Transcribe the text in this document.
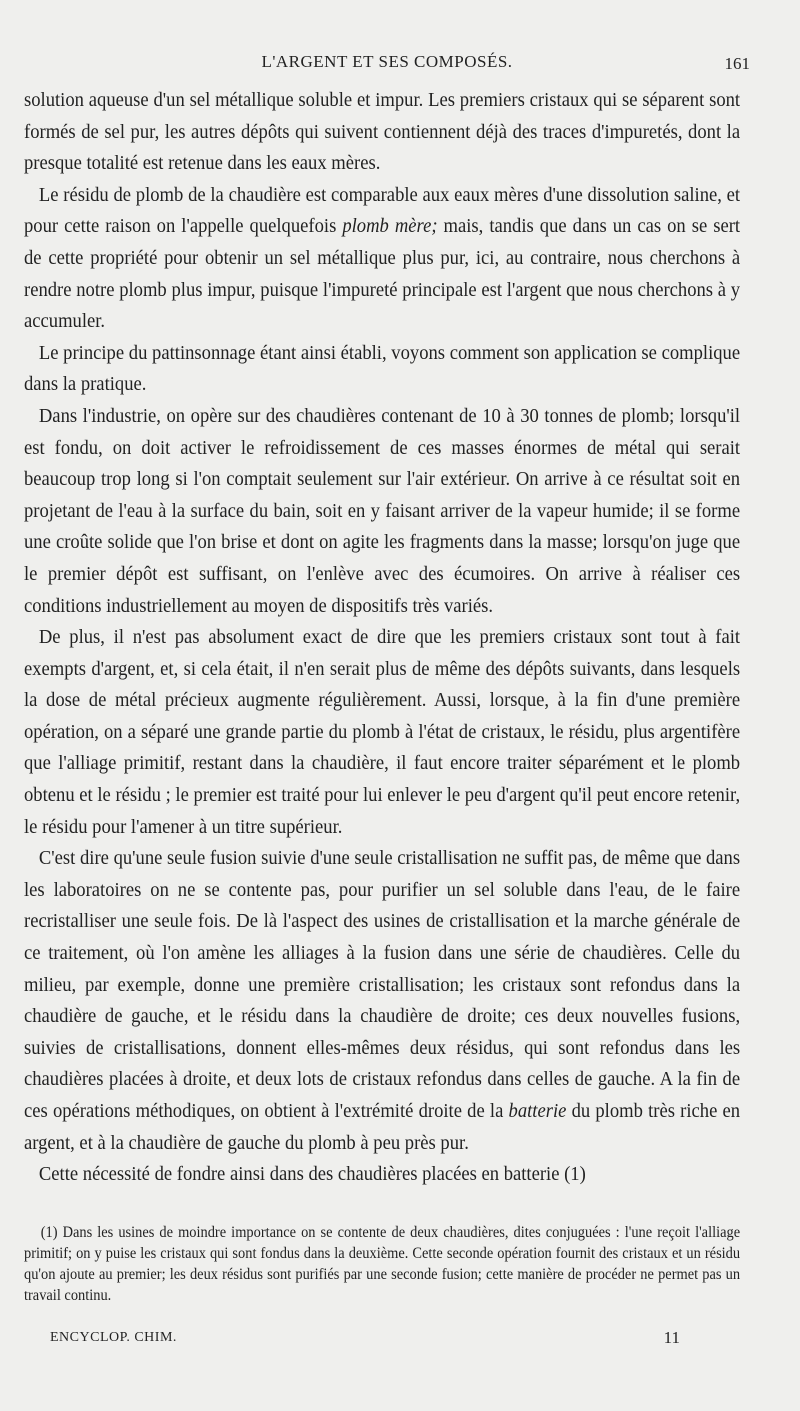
L'ARGENT ET SES COMPOSÉS.	161

solution aqueuse d'un sel métallique soluble et impur. Les premiers cristaux qui se séparent sont formés de sel pur, les autres dépôts qui suivent contiennent déjà des traces d'impuretés, dont la presque totalité est retenue dans les eaux mères.

Le résidu de plomb de la chaudière est comparable aux eaux mères d'une dissolution saline, et pour cette raison on l'appelle quelquefois plomb mère; mais, tandis que dans un cas on se sert de cette propriété pour obtenir un sel métallique plus pur, ici, au contraire, nous cherchons à rendre notre plomb plus impur, puisque l'impureté principale est l'argent que nous cherchons à y accumuler.

Le principe du pattinsonnage étant ainsi établi, voyons comment son application se complique dans la pratique.

Dans l'industrie, on opère sur des chaudières contenant de 10 à 30 tonnes de plomb; lorsqu'il est fondu, on doit activer le refroidissement de ces masses énormes de métal qui serait beaucoup trop long si l'on comptait seulement sur l'air extérieur. On arrive à ce résultat soit en projetant de l'eau à la surface du bain, soit en y faisant arriver de la vapeur humide; il se forme une croûte solide que l'on brise et dont on agite les fragments dans la masse; lorsqu'on juge que le premier dépôt est suffisant, on l'enlève avec des écumoires. On arrive à réaliser ces conditions industriellement au moyen de dispositifs très variés.

De plus, il n'est pas absolument exact de dire que les premiers cristaux sont tout à fait exempts d'argent, et, si cela était, il n'en serait plus de même des dépôts suivants, dans lesquels la dose de métal précieux augmente régulièrement. Aussi, lorsque, à la fin d'une première opération, on a séparé une grande partie du plomb à l'état de cristaux, le résidu, plus argentifère que l'alliage primitif, restant dans la chaudière, il faut encore traiter séparément et le plomb obtenu et le résidu ; le premier est traité pour lui enlever le peu d'argent qu'il peut encore retenir, le résidu pour l'amener à un titre supérieur.

C'est dire qu'une seule fusion suivie d'une seule cristallisation ne suffit pas, de même que dans les laboratoires on ne se contente pas, pour purifier un sel soluble dans l'eau, de le faire recristalliser une seule fois. De là l'aspect des usines de cristallisation et la marche générale de ce traitement, où l'on amène les alliages à la fusion dans une série de chaudières. Celle du milieu, par exemple, donne une première cristallisation; les cristaux sont refondus dans la chaudière de gauche, et le résidu dans la chaudière de droite; ces deux nouvelles fusions, suivies de cristallisations, donnent elles-mêmes deux résidus, qui sont refondus dans les chaudières placées à droite, et deux lots de cristaux refondus dans celles de gauche. A la fin de ces opérations méthodiques, on obtient à l'extrémité droite de la batterie du plomb très riche en argent, et à la chaudière de gauche du plomb à peu près pur.

Cette nécessité de fondre ainsi dans des chaudières placées en batterie (1)

(1) Dans les usines de moindre importance on se contente de deux chaudières, dites conjuguées : l'une reçoit l'alliage primitif; on y puise les cristaux qui sont fondus dans la deuxième. Cette seconde opération fournit des cristaux et un résidu qu'on ajoute au premier; les deux résidus sont purifiés par une seconde fusion; cette manière de procéder ne permet pas un travail continu.

ENCYCLOP. CHIM.	11
